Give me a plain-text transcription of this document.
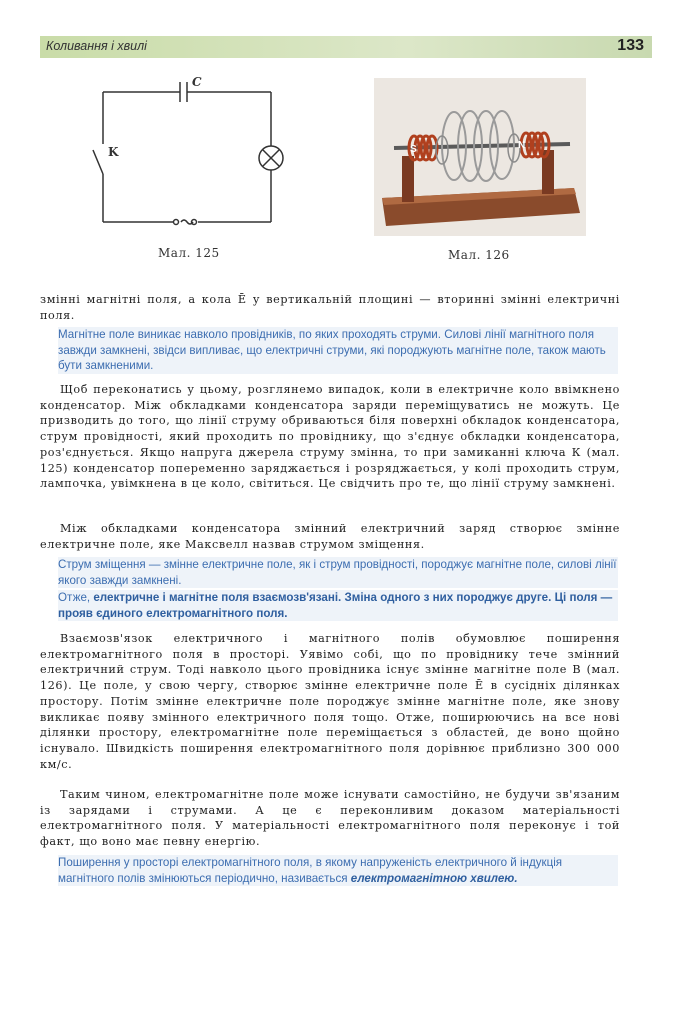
Коливання і хвилі	133
C
K
Мал. 125
S	N
Мал. 126

змінні магнітні поля, а кола Ē у вертикальній площині — вторинні змінні електричні поля.

Магнітне поле виникає навколо провідників, по яких проходять струми. Силові лінії магнітного поля завжди замкнені, звідси випливає, що електричні струми, які породжують магнітне поле, також мають бути замкненими.

Щоб переконатись у цьому, розглянемо випадок, коли в електричне коло ввімкнено конденсатор. Між обкладками конденсатора заряди переміщуватись не можуть. Це призводить до того, що лінії струму обриваються біля поверхні обкладок конденсатора, струм провідності, який проходить по провіднику, що з'єднує обкладки конденсатора, роз'єднується. Якщо напруга джерела струму змінна, то при замиканні ключа К (мал. 125) конденсатор попеременно заряджається і розряджається, у колі проходить струм, лампочка, увімкнена в це коло, світиться. Це свідчить про те, що лінії струму замкнені.

Між обкладками конденсатора змінний електричний заряд створює змінне електричне поле, яке Максвелл назвав струмом зміщення.

Струм зміщення — змінне електричне поле, як і струм провідності, породжує магнітне поле, силові лінії якого завжди замкнені.
Отже, електричне і магнітне поля взаємозв'язані. Зміна одного з них породжує друге. Ці поля — прояв єдиного електромагнітного поля.

Взаємозв'язок електричного і магнітного полів обумовлює поширення електромагнітного поля в просторі. Уявімо собі, що по провіднику тече змінний електричний струм. Тоді навколо цього провідника існує змінне магнітне поле B (мал. 126). Це поле, у свою чергу, створює змінне електричне поле Ē в сусідніх ділянках простору. Потім змінне електричне поле породжує змінне магнітне поле, яке знову викликає появу змінного електричного поля тощо. Отже, поширюючись на все нові ділянки простору, електромагнітне поле переміщається з областей, де воно щойно існувало. Швидкість поширення електромагнітного поля дорівнює приблизно 300 000 км/с.

Таким чином, електромагнітне поле може існувати самостійно, не будучи зв'язаним із зарядами і струмами. А це є переконливим доказом матеріальності електромагнітного поля. У матеріальності електромагнітного поля переконує і той факт, що воно має певну енергію.

Поширення у просторі електромагнітного поля, в якому напруженість електричного й індукція магнітного полів змінюються періодично, називається електромагнітною хвилею.
